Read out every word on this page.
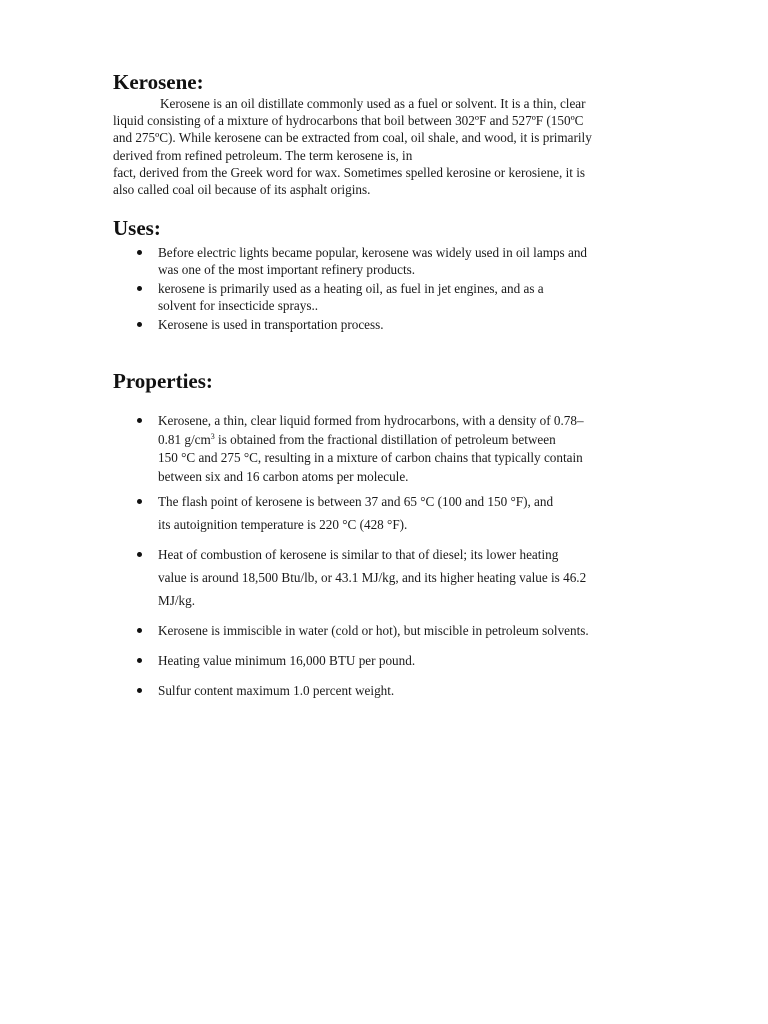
Kerosene:
Kerosene is an oil distillate commonly used as a fuel or solvent. It is a thin, clear
liquid consisting of a mixture of hydrocarbons that boil between 302ºF and 527ºF (150ºC
and 275ºC). While kerosene can be extracted from coal, oil shale, and wood, it is primarily
derived from refined petroleum. The term kerosene is, in
fact, derived from the Greek word for wax. Sometimes spelled kerosine or kerosiene, it is
also called coal oil because of its asphalt origins.
Uses:
Before electric lights became popular, kerosene was widely used in oil lamps and
was one of the most important refinery products.
kerosene is primarily used as a heating oil, as fuel in jet engines, and as a
solvent for insecticide sprays..
Kerosene is used in transportation process.
Properties:
Kerosene, a thin, clear liquid formed from hydrocarbons, with a density of 0.78–
0.81 $g/cm^3$ is obtained from the fractional distillation of petroleum between
150 °C and 275 °C, resulting in a mixture of carbon chains that typically contain
between six and 16 carbon atoms per molecule.
The flash point of kerosene is between 37 and 65 °C (100 and 150 °F), and
its autoignition temperature is 220 °C (428 °F).
Heat of combustion of kerosene is similar to that of diesel; its lower heating
value is around 18,500 Btu/lb, or 43.1 MJ/kg, and its higher heating value is 46.2
MJ/kg.
Kerosene is immiscible in water (cold or hot), but miscible in petroleum solvents.
Heating value minimum 16,000 BTU per pound.
Sulfur content maximum 1.0 percent weight.
